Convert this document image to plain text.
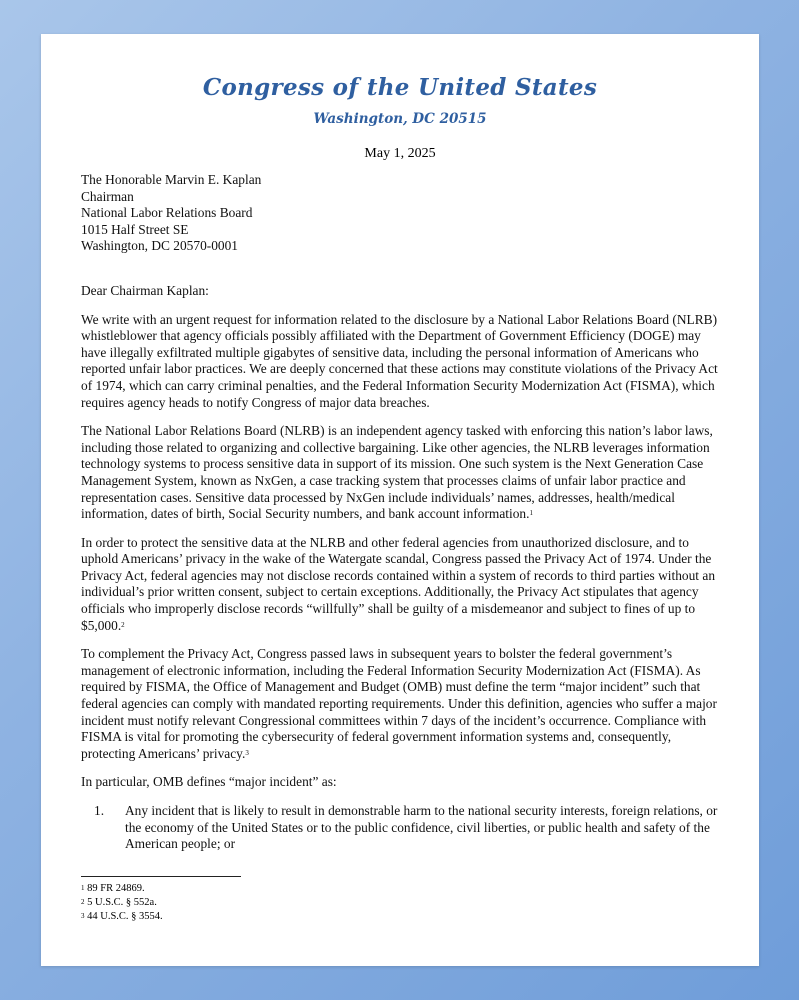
Congress of the United States
Washington, DC 20515
May 1, 2025
The Honorable Marvin E. Kaplan
Chairman
National Labor Relations Board
1015 Half Street SE
Washington, DC 20570-0001
Dear Chairman Kaplan:

We write with an urgent request for information related to the disclosure by a National Labor Relations Board (NLRB) whistleblower that agency officials possibly affiliated with the Department of Government Efficiency (DOGE) may have illegally exfiltrated multiple gigabytes of sensitive data, including the personal information of Americans who reported unfair labor practices. We are deeply concerned that these actions may constitute violations of the Privacy Act of 1974, which can carry criminal penalties, and the Federal Information Security Modernization Act (FISMA), which requires agency heads to notify Congress of major data breaches.

The National Labor Relations Board (NLRB) is an independent agency tasked with enforcing this nation’s labor laws, including those related to organizing and collective bargaining. Like other agencies, the NLRB leverages information technology systems to process sensitive data in support of its mission. One such system is the Next Generation Case Management System, known as NxGen, a case tracking system that processes claims of unfair labor practice and representation cases. Sensitive data processed by NxGen include individuals’ names, addresses, health/medical information, dates of birth, Social Security numbers, and bank account information.$^1$

In order to protect the sensitive data at the NLRB and other federal agencies from unauthorized disclosure, and to uphold Americans’ privacy in the wake of the Watergate scandal, Congress passed the Privacy Act of 1974. Under the Privacy Act, federal agencies may not disclose records contained within a system of records to third parties without an individual’s prior written consent, subject to certain exceptions. Additionally, the Privacy Act stipulates that agency officials who improperly disclose records “willfully” shall be guilty of a misdemeanor and subject to fines of up to $5,000.$^2$

To complement the Privacy Act, Congress passed laws in subsequent years to bolster the federal government’s management of electronic information, including the Federal Information Security Modernization Act (FISMA). As required by FISMA, the Office of Management and Budget (OMB) must define the term “major incident” such that federal agencies can comply with mandated reporting requirements. Under this definition, agencies who suffer a major incident must notify relevant Congressional committees within 7 days of the incident’s occurrence. Compliance with FISMA is vital for promoting the cybersecurity of federal government information systems and, consequently, protecting Americans’ privacy.$^3$

In particular, OMB defines “major incident” as:

1. Any incident that is likely to result in demonstrable harm to the national security interests, foreign relations, or the economy of the United States or to the public confidence, civil liberties, or public health and safety of the American people; or
$^1$ 89 FR 24869.
$^2$ 5 U.S.C. § 552a.
$^3$ 44 U.S.C. § 3554.
